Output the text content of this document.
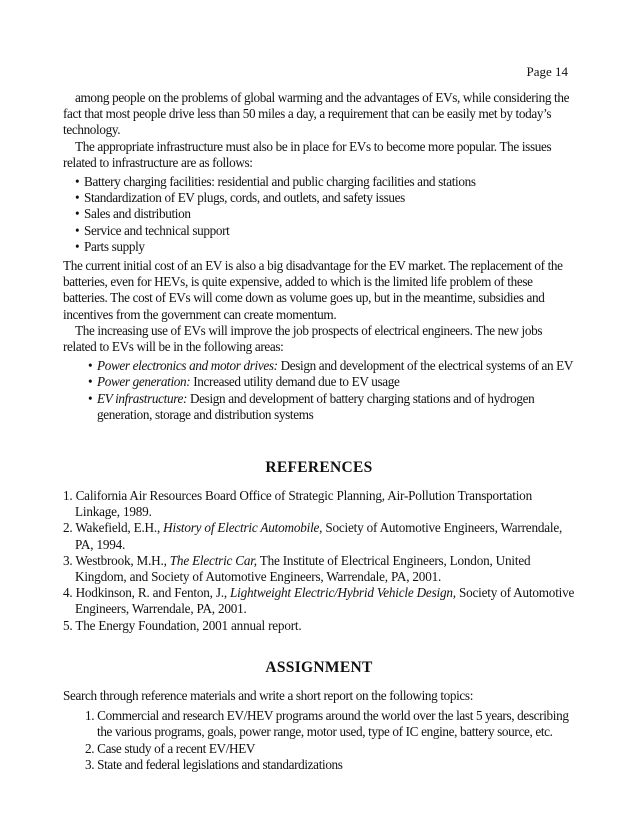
Page 14

among people on the problems of global warming and the advantages of EVs, while considering the fact that most people drive less than 50 miles a day, a requirement that can be easily met by today’s technology.

The appropriate infrastructure must also be in place for EVs to become more popular. The issues related to infrastructure are as follows:

• Battery charging facilities: residential and public charging facilities and stations
• Standardization of EV plugs, cords, and outlets, and safety issues
• Sales and distribution
• Service and technical support
• Parts supply

The current initial cost of an EV is also a big disadvantage for the EV market. The replacement of the batteries, even for HEVs, is quite expensive, added to which is the limited life problem of these batteries. The cost of EVs will come down as volume goes up, but in the meantime, subsidies and incentives from the government can create momentum.

The increasing use of EVs will improve the job prospects of electrical engineers. The new jobs related to EVs will be in the following areas:

• Power electronics and motor drives: Design and development of the electrical systems of an EV
• Power generation: Increased utility demand due to EV usage
• EV infrastructure: Design and development of battery charging stations and of hydrogen generation, storage and distribution systems
REFERENCES
1. California Air Resources Board Office of Strategic Planning, Air-Pollution Transportation Linkage, 1989.
2. Wakefield, E.H., History of Electric Automobile, Society of Automotive Engineers, Warrendale, PA, 1994.
3. Westbrook, M.H., The Electric Car, The Institute of Electrical Engineers, London, United Kingdom, and Society of Automotive Engineers, Warrendale, PA, 2001.
4. Hodkinson, R. and Fenton, J., Lightweight Electric/Hybrid Vehicle Design, Society of Automotive Engineers, Warrendale, PA, 2001.
5. The Energy Foundation, 2001 annual report.
ASSIGNMENT

Search through reference materials and write a short report on the following topics:

1. Commercial and research EV/HEV programs around the world over the last 5 years, describing the various programs, goals, power range, motor used, type of IC engine, battery source, etc.
2. Case study of a recent EV/HEV
3. State and federal legislations and standardizations
